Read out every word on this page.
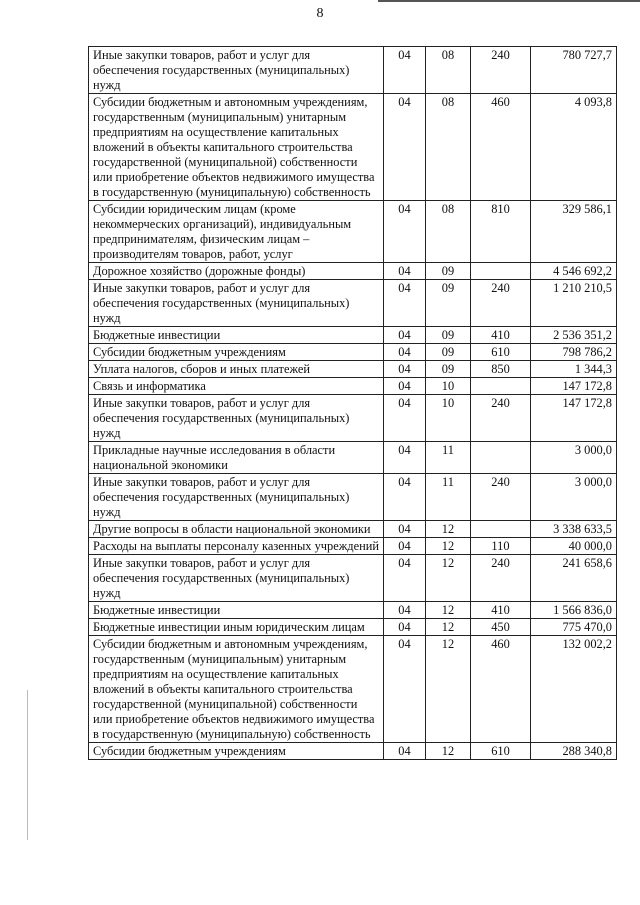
8
Иные закупки товаров, работ и услуг для обеспечения государственных (муниципальных) нужд	04	08	240	780 727,7
Субсидии бюджетным и автономным учреждениям, государственным (муниципальным) унитарным предприятиям на осуществление капитальных вложений в объекты капитального строительства государственной (муниципальной) собственности или приобретение объектов недвижимого имущества в государственную (муниципальную) собственность	04	08	460	4 093,8
Субсидии юридическим лицам (кроме некоммерческих организаций), индивидуальным предпринимателям, физическим лицам – производителям товаров, работ, услуг	04	08	810	329 586,1
Дорожное хозяйство (дорожные фонды)	04	09		4 546 692,2
Иные закупки товаров, работ и услуг для обеспечения государственных (муниципальных) нужд	04	09	240	1 210 210,5
Бюджетные инвестиции	04	09	410	2 536 351,2
Субсидии бюджетным учреждениям	04	09	610	798 786,2
Уплата налогов, сборов и иных платежей	04	09	850	1 344,3
Связь и информатика	04	10		147 172,8
Иные закупки товаров, работ и услуг для обеспечения государственных (муниципальных) нужд	04	10	240	147 172,8
Прикладные научные исследования в области национальной экономики	04	11		3 000,0
Иные закупки товаров, работ и услуг для обеспечения государственных (муниципальных) нужд	04	11	240	3 000,0
Другие вопросы в области национальной экономики	04	12		3 338 633,5
Расходы на выплаты персоналу казенных учреждений	04	12	110	40 000,0
Иные закупки товаров, работ и услуг для обеспечения государственных (муниципальных) нужд	04	12	240	241 658,6
Бюджетные инвестиции	04	12	410	1 566 836,0
Бюджетные инвестиции иным юридическим лицам	04	12	450	775 470,0
Субсидии бюджетным и автономным учреждениям, государственным (муниципальным) унитарным предприятиям на осуществление капитальных вложений в объекты капитального строительства государственной (муниципальной) собственности или приобретение объектов недвижимого имущества в государственную (муниципальную) собственность	04	12	460	132 002,2
Субсидии бюджетным учреждениям	04	12	610	288 340,8
